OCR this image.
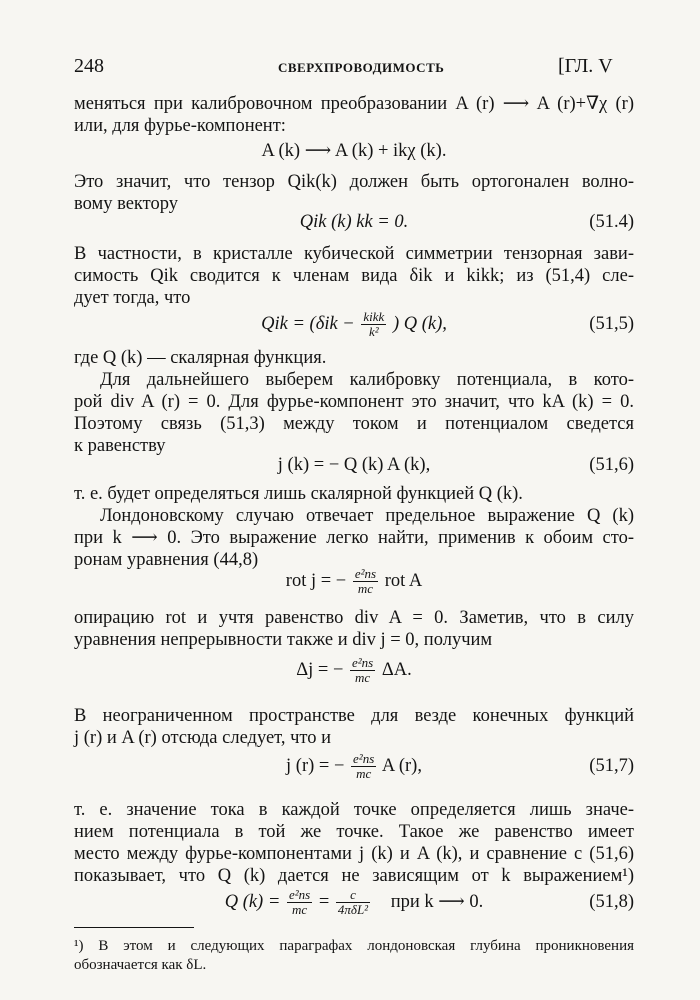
248	СВЕРХПРОВОДИМОСТЬ	[ГЛ. V
меняться при калибровочном преобразовании A (r) ⟶ A (r)+∇χ (r)
или, для фурье-компонент:
A (k) ⟶ A (k) + ikχ (k).
Это значит, что тензор Qik(k) должен быть ортогонален волно-
вому вектору
Qik (k) kk = 0.	(51.4)
В частности, в кристалле кубической симметрии тензорная зави-
симость Qik сводится к членам вида δik и kikk; из (51,4) сле-
дует тогда, что
Qik = ($\delta ik - \frac{\text{kikk}}{\text{k²}}$ ) Q (k),	(51,5)
где Q (k) — скалярная функция.
Для дальнейшего выберем калибровку потенциала, в кото-
рой div A (r) = 0. Для фурье-компонент это значит, что kA (k) = 0.
Поэтому связь (51,3) между током и потенциалом сведется
к равенству
j (k) = − Q (k) A (k),	(51,6)
т. е. будет определяться лишь скалярной функцией Q (k).
Лондоновскому случаю отвечает предельное выражение Q (k)
при k ⟶ 0. Это выражение легко найти, применив к обоим сто-
ронам уравнения (44,8)
rot j = − $\frac{\text{e²ns}}{mc}$ rot A
опирацию rot и учтя равенство div A = 0. Заметив, что в силу
уравнения непрерывности также и div j = 0, получим
Δj = − $\frac{\text{e²ns}}{mc} \Delta A$.
В неограниченном пространстве для везде конечных функций
j (r) и A (r) отсюда следует, что и
j (r) = − $\frac{\text{e²ns}}{mc}$ A (r),	(51,7)
т. е. значение тока в каждой точке определяется лишь значе-
нием потенциала в той же точке. Такое же равенство имеет
место между фурье-компонентами j (k) и A (k), и сравнение с (51,6)
показывает, что Q (k) дается не зависящим от k выражением¹)
Q $(k) = \frac{\text{e²ns}}{mc} = \frac{c}{\text{4πδL²}}$ при k ⟶ 0.	(51,8)
¹) В этом и следующих параграфах лондоновская глубина проникновения
обозначается как δL.
